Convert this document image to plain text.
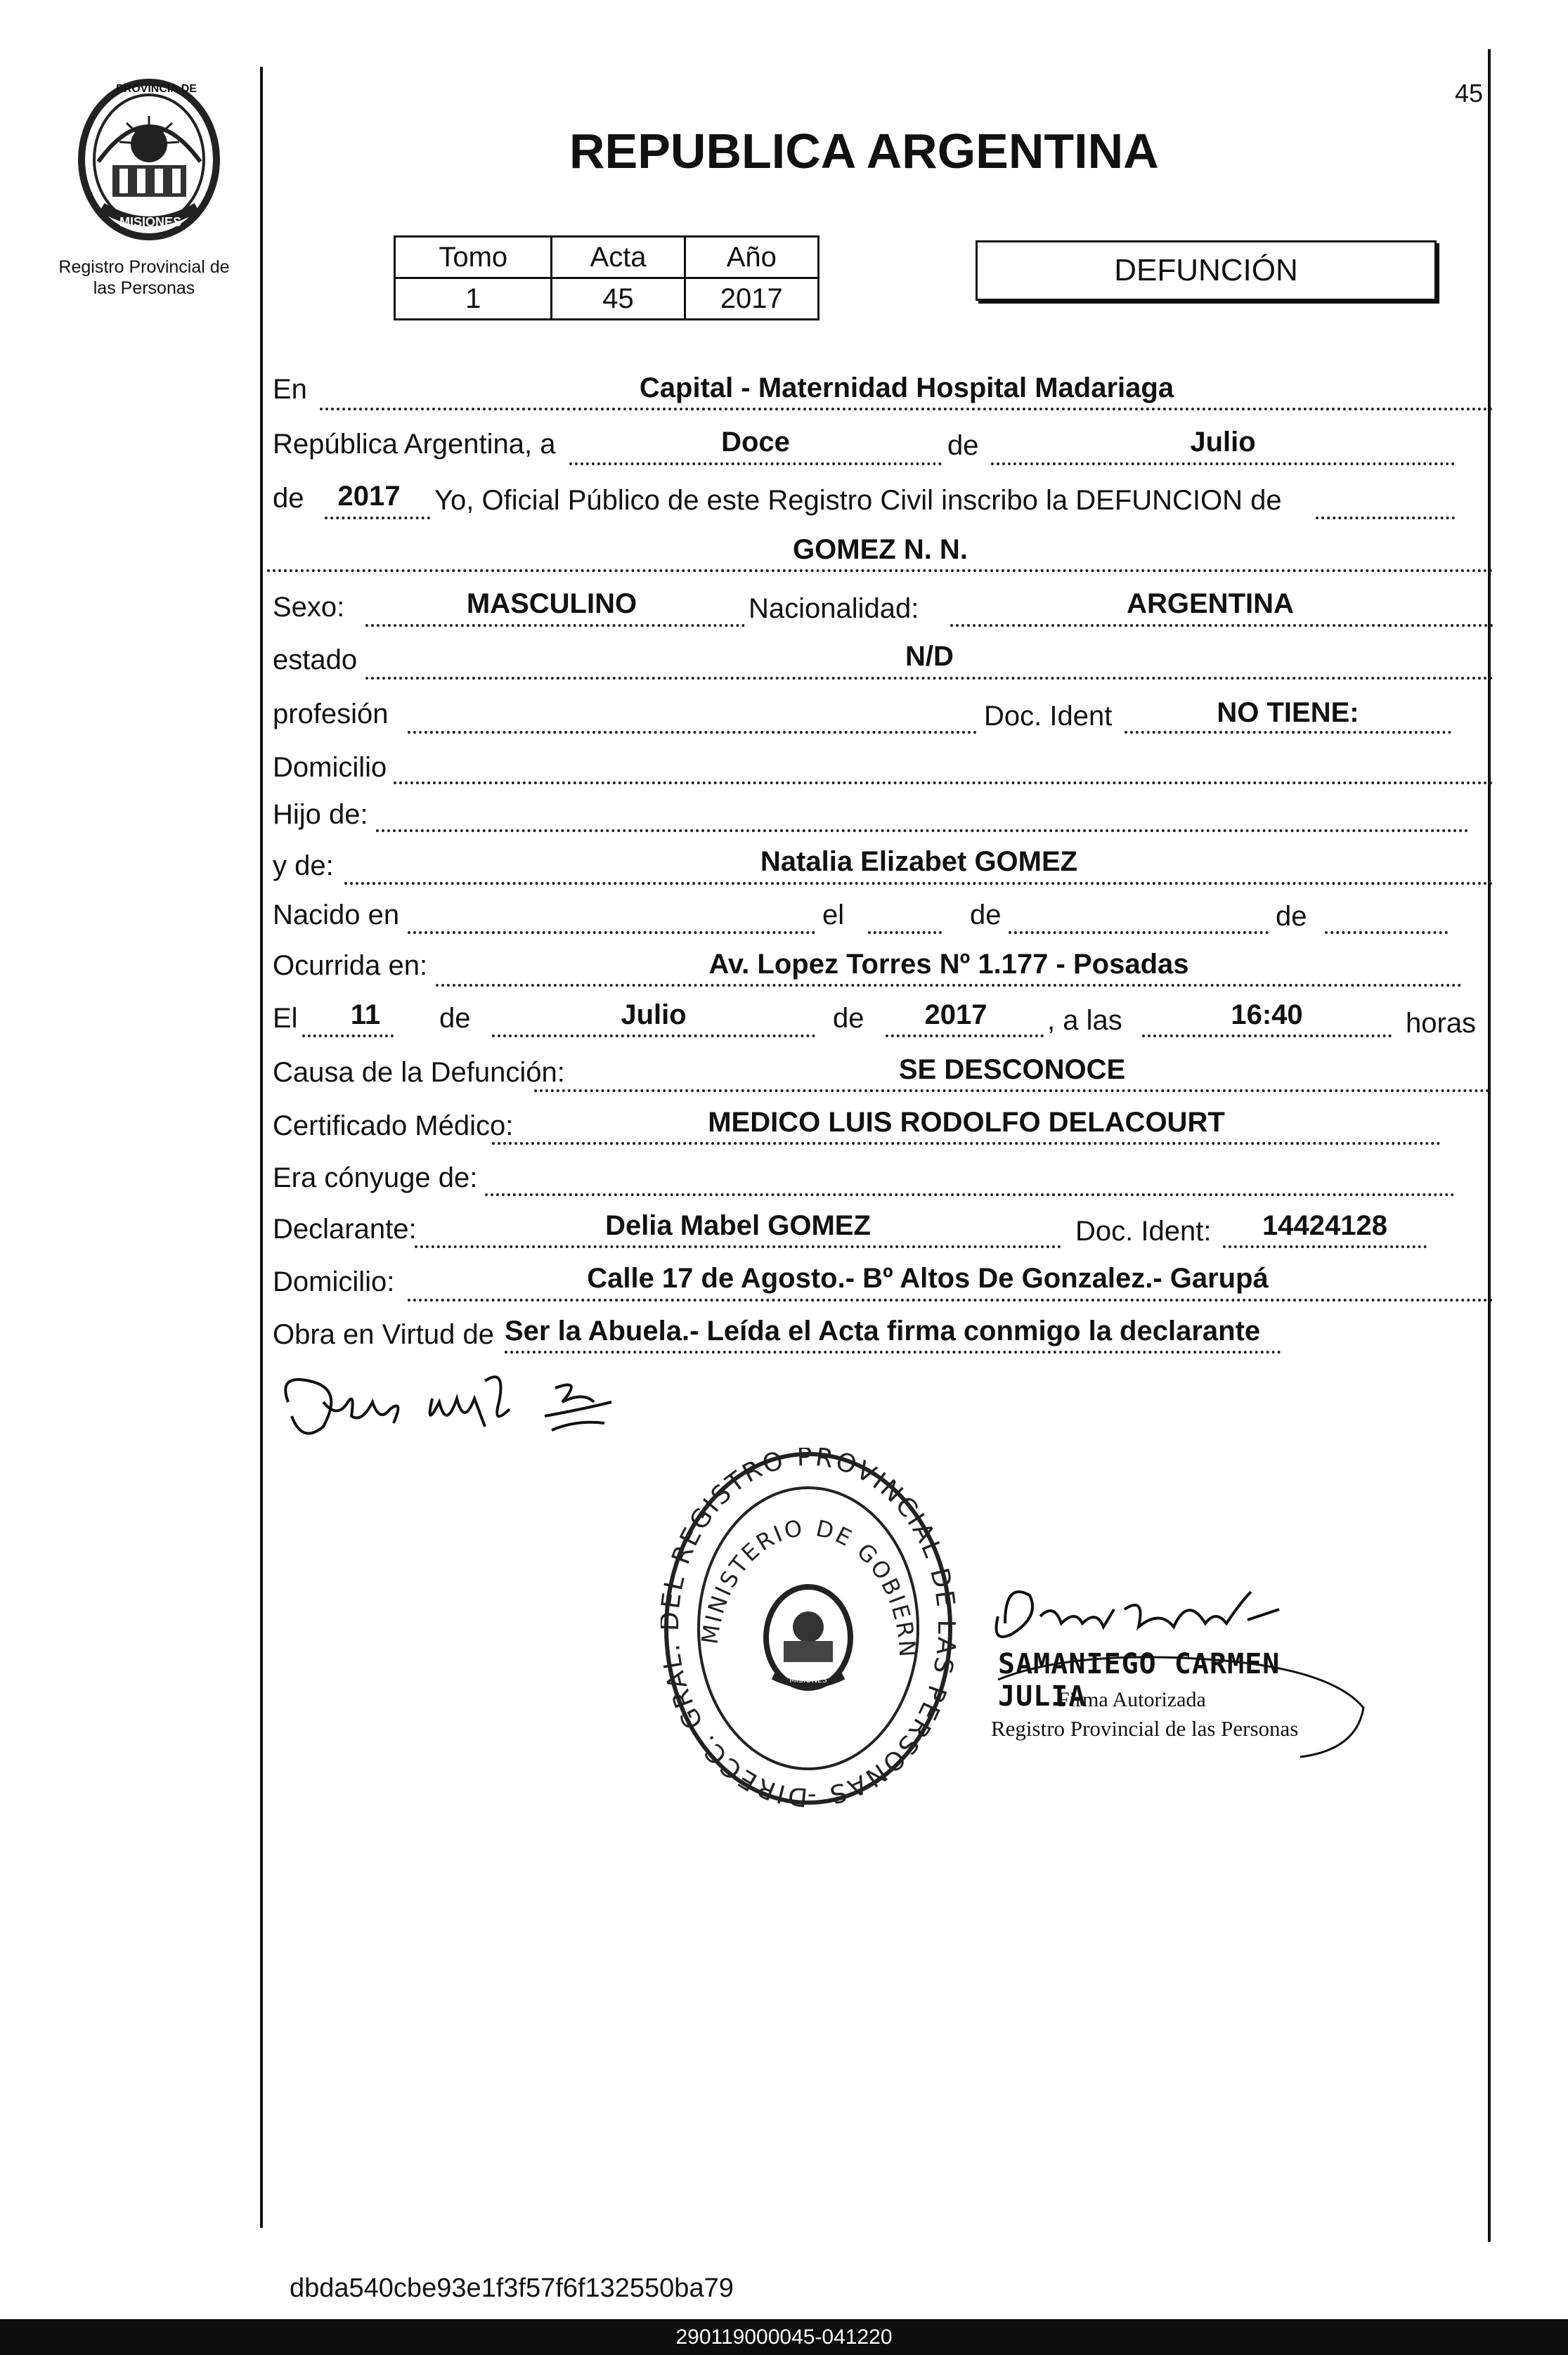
45
PROVINCIA DE
MISIONES
Registro Provincial de
las Personas
REPUBLICA ARGENTINA
Tomo	Acta	Año
1	45	2017
DEFUNCIÓN
En	Capital - Maternidad Hospital Madariaga
República Argentina, a	Doce	de	Julio
de	2017	Yo, Oficial Público de este Registro Civil inscribo la DEFUNCION de
GOMEZ N. N.
Sexo:	MASCULINO	Nacionalidad:	ARGENTINA
estado	N/D
profesión	Doc. Ident	NO TIENE:
Domicilio
Hijo de:
y de:	Natalia Elizabet GOMEZ
Nacido en	el	de	de
Ocurrida en:	Av. Lopez Torres Nº 1.177 - Posadas
El	11	de	Julio	de	2017	, a las	16:40	horas
Causa de la Defunción:	SE DESCONOCE
Certificado Médico:	MEDICO LUIS RODOLFO DELACOURT
Era cónyuge de:
Declarante:	Delia Mabel GOMEZ	Doc. Ident:	14424128
Domicilio:	Calle 17 de Agosto.- Bº Altos De Gonzalez.- Garupá
Obra en Virtud de Ser la Abuela.- Leída el Acta firma conmigo la declarante
DIRECC. GRA L REGISTRO PROVINCIAL D S PERSONAS -
MINISTERIO DE GOBIERN
MISIONES	SAMANIEGO CARMEN JULIA
Firma Autorizada
Registro Provincial de las Personas
dbda540cbe93e1f3f57f6f132550ba79
290119000045-041220
